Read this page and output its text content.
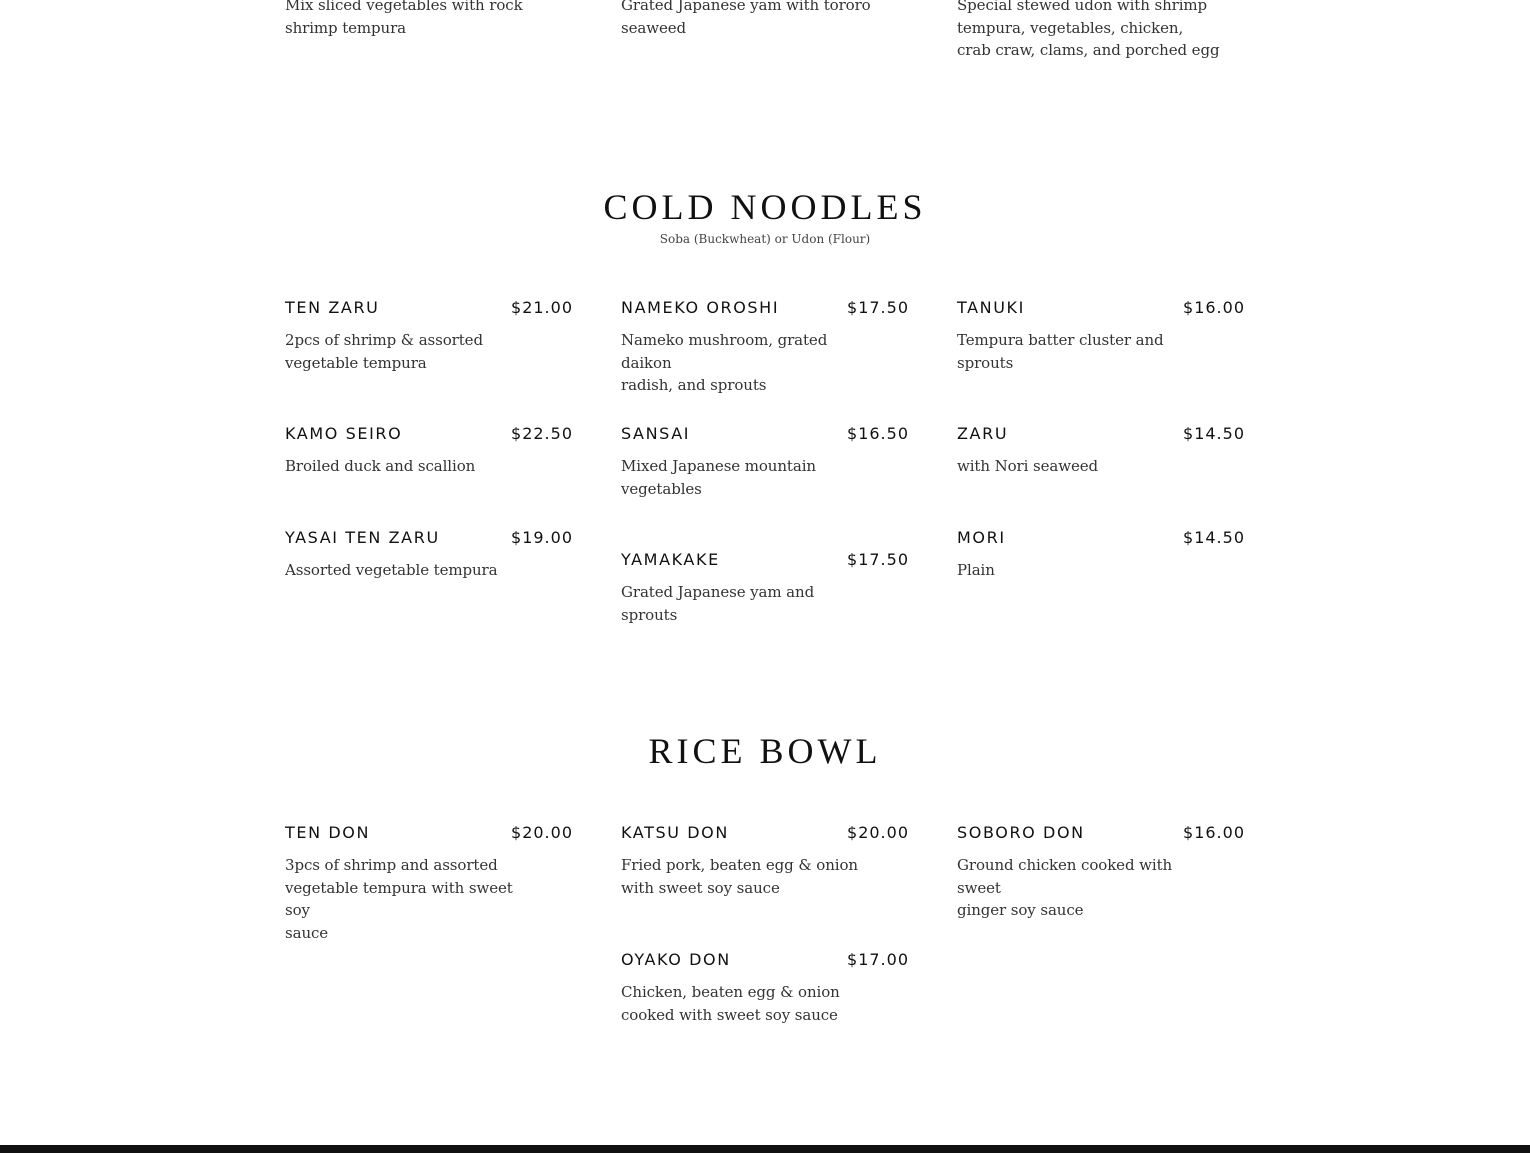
Mix sliced vegetables with rock
shrimp tempura
Grated Japanese yam with tororo
seaweed
Special stewed udon with shrimp
tempura, vegetables, chicken,
crab craw, clams, and porched egg
COLD NOODLES
Soba (Buckwheat) or Udon (Flour)
TEN ZARU	$21.00
2pcs of shrimp & assorted
vegetable tempura
NAMEKO OROSHI	$17.50
Nameko mushroom, grated daikon
radish, and sprouts
TANUKI	$16.00
Tempura batter cluster and
sprouts
KAMO SEIRO	$22.50
Broiled duck and scallion
SANSAI	$16.50
Mixed Japanese mountain
vegetables
ZARU	$14.50
with Nori seaweed
YASAI TEN ZARU	$19.00
Assorted vegetable tempura
YAMAKAKE	$17.50
Grated Japanese yam and sprouts
MORI	$14.50
Plain
RICE BOWL
TEN DON	$20.00
3pcs of shrimp and assorted
vegetable tempura with sweet soy
sauce
KATSU DON	$20.00
Fried pork, beaten egg & onion
with sweet soy sauce
SOBORO DON	$16.00
Ground chicken cooked with sweet
ginger soy sauce
OYAKO DON	$17.00
Chicken, beaten egg & onion
cooked with sweet soy sauce
